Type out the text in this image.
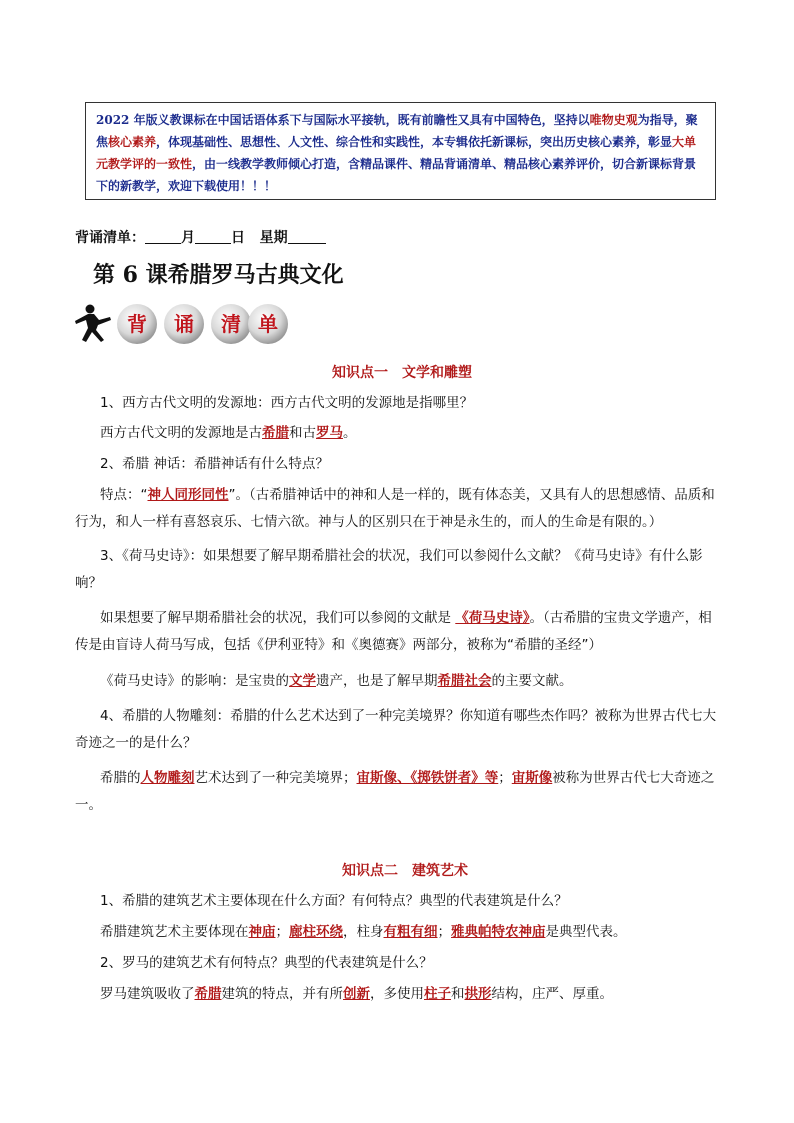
2022 年版义教课标在中国话语体系下与国际水平接轨，既有前瞻性又具有中国特色，坚持以唯物史观为指导，聚焦核心素养，体现基础性、思想性、人文性、综合性和实践性，本专辑依托新课标，突出历史核心素养，彰显大单元教学评的一致性，由一线教学教师倾心打造，含精品课件、精品背诵清单、精品核心素养评价，切合新课标背景下的新教学，欢迎下载使用！！！
背诵清单：	月	日 星期
第 6 课希腊罗马古典文化
背 诵 清 单
知识点一　文学和雕塑
1、西方古代文明的发源地：西方古代文明的发源地是指哪里？
西方古代文明的发源地是古希腊和古罗马。
2、希腊 神话：希腊神话有什么特点？
特点：“神人同形同性”。（古希腊神话中的神和人是一样的，既有体态美，又具有人的思想感情、品质和行为，和人一样有喜怒哀乐、七情六欲。神与人的区别只在于神是永生的，而人的生命是有限的。）
3、《荷马史诗》：如果想要了解早期希腊社会的状况，我们可以参阅什么文献？《荷马史诗》有什么影响？
如果想要了解早期希腊社会的状况，我们可以参阅的文献是 《荷马史诗》。（古希腊的宝贵文学遗产，相传是由盲诗人荷马写成，包括《伊利亚特》和《奥德赛》两部分，被称为“希腊的圣经”）
《荷马史诗》的影响：是宝贵的文学遗产，也是了解早期希腊社会的主要文献。
4、希腊的人物雕刻：希腊的什么艺术达到了一种完美境界？你知道有哪些杰作吗？被称为世界古代七大奇迹之一的是什么？
希腊的人物雕刻艺术达到了一种完美境界；宙斯像、《掷铁饼者》等；宙斯像被称为世界古代七大奇迹之一。
知识点二　建筑艺术
1、希腊的建筑艺术主要体现在什么方面？有何特点？典型的代表建筑是什么？
希腊建筑艺术主要体现在神庙；廊柱环绕，柱身有粗有细；雅典帕特农神庙是典型代表。
2、罗马的建筑艺术有何特点？典型的代表建筑是什么？
罗马建筑吸收了希腊建筑的特点，并有所创新，多使用柱子和拱形结构，庄严、厚重。
